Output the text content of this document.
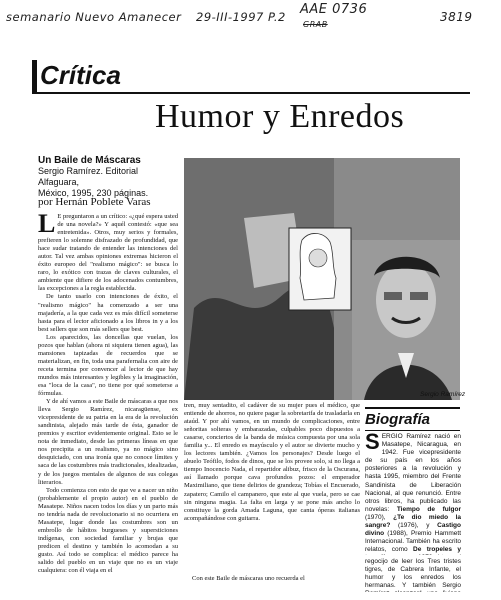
semanario Nuevo Amanecer 29-III-1997 P.2 AAE 0736
GRAB
3819
Crítica
Humor y Enredos
Un Baile de Máscaras
Sergio Ramírez. Editorial Alfaguara,
México, 1995, 230 páginas.
por Hernán Poblete Varas

L E preguntaron a un crítico: «¿qué espera usted de una novela?» Y aquél contestó: «que sea entretenida». Otros, muy serios y formales, prefieren lo solemne disfrazado de profundidad, que hace sudar tratando de entender las intenciones del autor. Tal vez ambas opiniones extremas hicieron el éxito europeo del "realismo mágico": se busca lo raro, lo exótico con trazas de claves culturales, el ambiente que difiere de los adocenados contumbres, las excepciones a la regla establecida.

De tanto usarlo con intenciones de éxito, el "realismo mágico" ha comenzado a ser una majadería, a la que cada vez es más difícil someterse hasta para el lector aficionado a los libros in y a los best sellers que son más sellers que best.

Los aparecidos, las doncellas que vuelan, los pozos que hablan (ahora ni siquiera tienen agua), las mansiones tapizadas de recuerdos que se materializan, en fin, toda una parafernalia con aire de receta termina por convencer al lector de que hay mundos más interesantes y legibles y la imaginación, esa "loca de la casa", no tiene por qué someterse a fórmulas.

Y de ahí vamos a este Baile de máscaras a que nos lleva Sergio Ramírez, nicaragüense, ex vicepresidente de su patria en la era de la revolución sandinista, alejado más tarde de ésta, ganador de premios y escritor evidentemente original. Esto se le nota de inmediato, desde las primeras líneas en que nos precipita a un realismo, ya no mágico sino desquiciado, con una ironía que no conoce límites y saca de las costumbres más tradicionales, idealizadas, y de los juegos mentales de algunos de sus colegas literarios.

Todo comienza con esto de que ve a nacer un niño (probablemente el propio autor) en el pueblo de Masatepe. Niños nacen todos los días y un parto más no tendría nada de revolucionario si no ocurriera en Masatepe, lugar donde las costumbres son un embrollo de hábitos burgueses y supersticiones indígenas, con sociedad familiar y brujas que predicen el destino y también lo acomodan a su gusto. Así todo se complica: el médico parece ha salido del pueblo en un viaje que no es un viaje cualquiera: con él viaja en el

Sergio Ramírez

tren, muy sentadito, el cadáver de su mujer pues el médico, que entiende de ahorros, no quiere pagar la sobretarifa de trasladarla en ataúd. Y por ahí vamos, en un mundo de complicaciones, entre señoritas solteras y embarazadas, culpables poco dispuestos a casarse, conciertos de la banda de música compuesta por una sola familia y... El enredo es mayúsculo y el autor se divierte mucho y los lectores también. ¿Vamos los personajes? Desde luego el abuelo Teófilo, fodos de dinos, que se los provee solo, si no llega a tiempo Inocencio Nada, el repartidor alibuz, frisco de la Oscurana, así llamado porque cava profundos pozos: el emperador Maximiliano, que tiene delirios de grandeza; Tobías el Encuerado, zapatero; Camilo el campanero, que este al que vuela, pero se cae sin ninguna magia. La falta en larga y se pone más ancho lo constituye la gorda Amada Laguna, que canta óperas italianas acompañándose con guitarra.

Con este Baile de máscaras uno recuerda el

Biografía
SERGIO Ramírez nació en Masatepe, Nicaragua, en 1942. Fue vicepresidente de su país en los años posteriores a la revolución y hasta 1995, miembro del Frente Sandinista de Liberación Nacional, al que renunció. Entre otros libros, ha publicado las novelas: Tiempo de fulgor (1970), ¿Te dio miedo la sangre? (1976), y Castigo divino (1988), Premio Hammett Internacional. También ha escrito relatos, como De tropeles y
regocijo de leer los Tres tristes tigres, de Cabrera Infante, el humor y los enredos los hermanas. Y también Sergio
